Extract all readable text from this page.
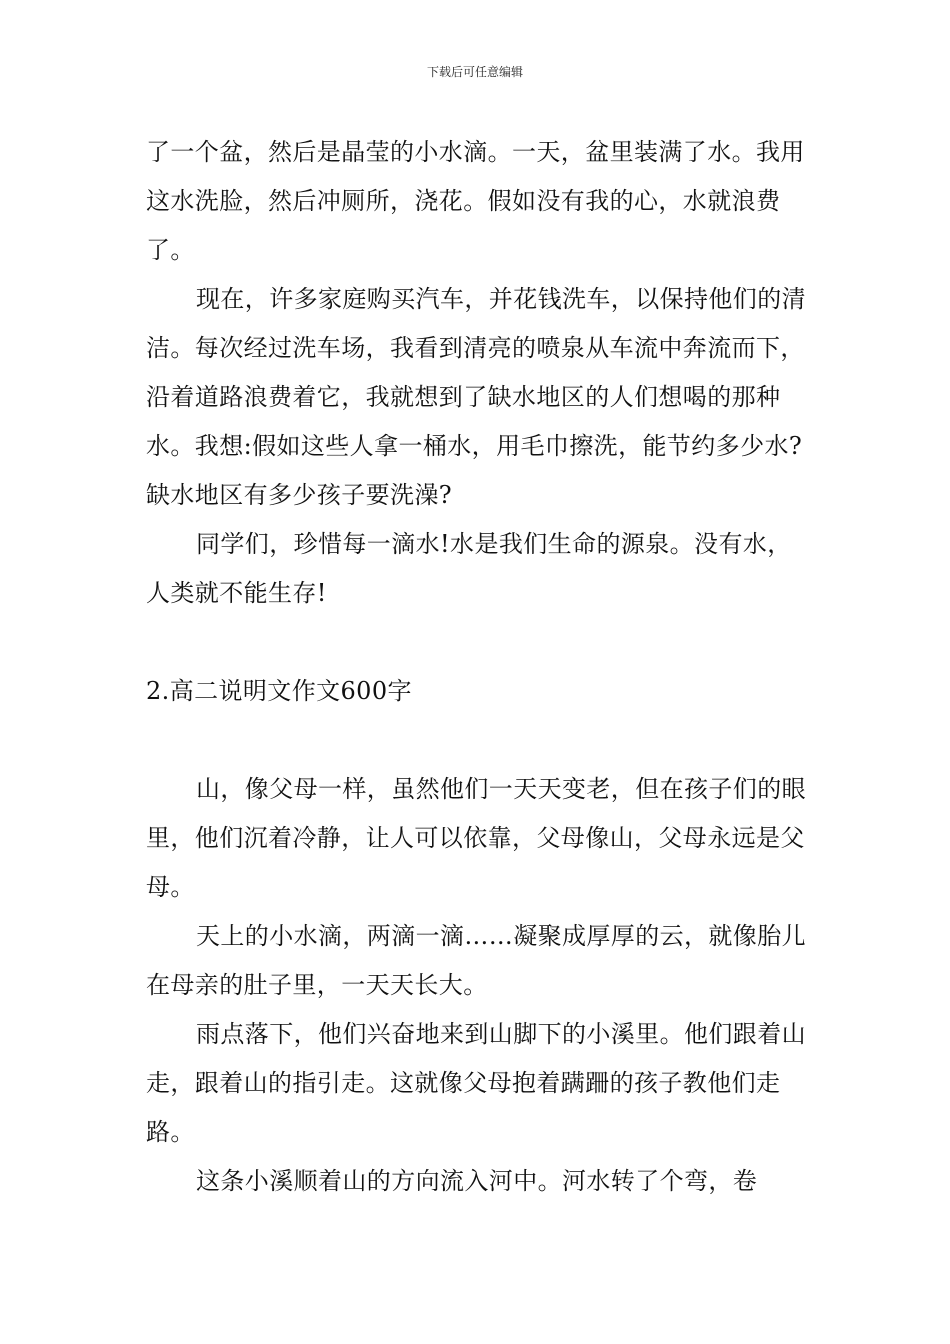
下载后可任意编辑

了一个盆，然后是晶莹的小水滴。一天，盆里装满了水。我用这水洗脸，然后冲厕所，浇花。假如没有我的心，水就浪费了。

现在，许多家庭购买汽车，并花钱洗车，以保持他们的清洁。每次经过洗车场，我看到清亮的喷泉从车流中奔流而下，沿着道路浪费着它，我就想到了缺水地区的人们想喝的那种水。我想:假如这些人拿一桶水，用毛巾擦洗，能节约多少水?缺水地区有多少孩子要洗澡?

同学们，珍惜每一滴水!水是我们生命的源泉。没有水，人类就不能生存!

2.高二说明文作文600字

山，像父母一样，虽然他们一天天变老，但在孩子们的眼里，他们沉着冷静，让人可以依靠，父母像山，父母永远是父母。

天上的小水滴，两滴一滴……凝聚成厚厚的云，就像胎儿在母亲的肚子里，一天天长大。

雨点落下，他们兴奋地来到山脚下的小溪里。他们跟着山走，跟着山的指引走。这就像父母抱着蹒跚的孩子教他们走路。

这条小溪顺着山的方向流入河中。河水转了个弯，卷
